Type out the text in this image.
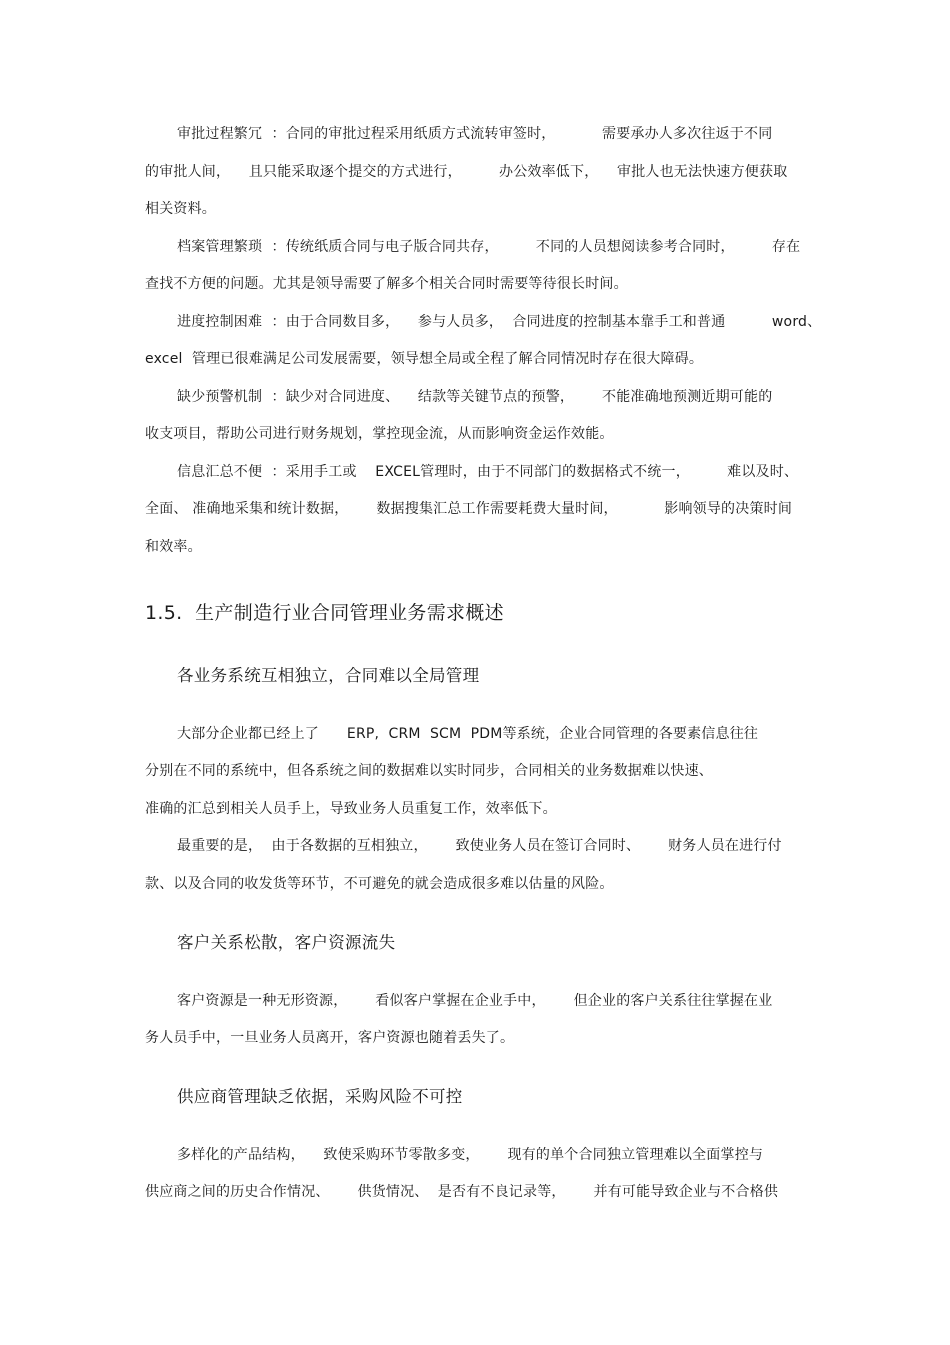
审批过程繁冗  ：合同的审批过程采用纸质方式流转审签时，          需要承办人多次往返于不同
的审批人间，    且只能采取逐个提交的方式进行，        办公效率低下，    审批人也无法快速方便获取
相关资料。
档案管理繁琐  ：传统纸质合同与电子版合同共存，        不同的人员想阅读参考合同时，        存在
查找不方便的问题。尤其是领导需要了解多个相关合同时需要等待很长时间。
进度控制困难  ：由于合同数目多，    参与人员多，  合同进度的控制基本靠手工和普通          word、
excel  管理已很难满足公司发展需要，领导想全局或全程了解合同情况时存在很大障碍。
缺少预警机制  ：缺少对合同进度、    结款等关键节点的预警，      不能准确地预测近期可能的
收支项目，帮助公司进行财务规划，掌控现金流，从而影响资金运作效能。
信息汇总不便  ：采用手工或    EXCEL管理时，由于不同部门的数据格式不统一，        难以及时、
全面、 准确地采集和统计数据，      数据搜集汇总工作需要耗费大量时间，          影响领导的决策时间
和效率。
1.5.  生产制造行业合同管理业务需求概述
各业务系统互相独立，合同难以全局管理
大部分企业都已经上了      ERP,  CRM  SCM  PDM等系统，企业合同管理的各要素信息往往
分别在不同的系统中，但各系统之间的数据难以实时同步，合同相关的业务数据难以快速、
准确的汇总到相关人员手上，导致业务人员重复工作，效率低下。
最重要的是，  由于各数据的互相独立，      致使业务人员在签订合同时、      财务人员在进行付
款、以及合同的收发货等环节，不可避免的就会造成很多难以估量的风险。
客户关系松散，客户资源流失
客户资源是一种无形资源，      看似客户掌握在企业手中，      但企业的客户关系往往掌握在业
务人员手中，一旦业务人员离开，客户资源也随着丢失了。
供应商管理缺乏依据，采购风险不可控
多样化的产品结构，    致使采购环节零散多变，      现有的单个合同独立管理难以全面掌控与
供应商之间的历史合作情况、      供货情况、  是否有不良记录等，      并有可能导致企业与不合格供
